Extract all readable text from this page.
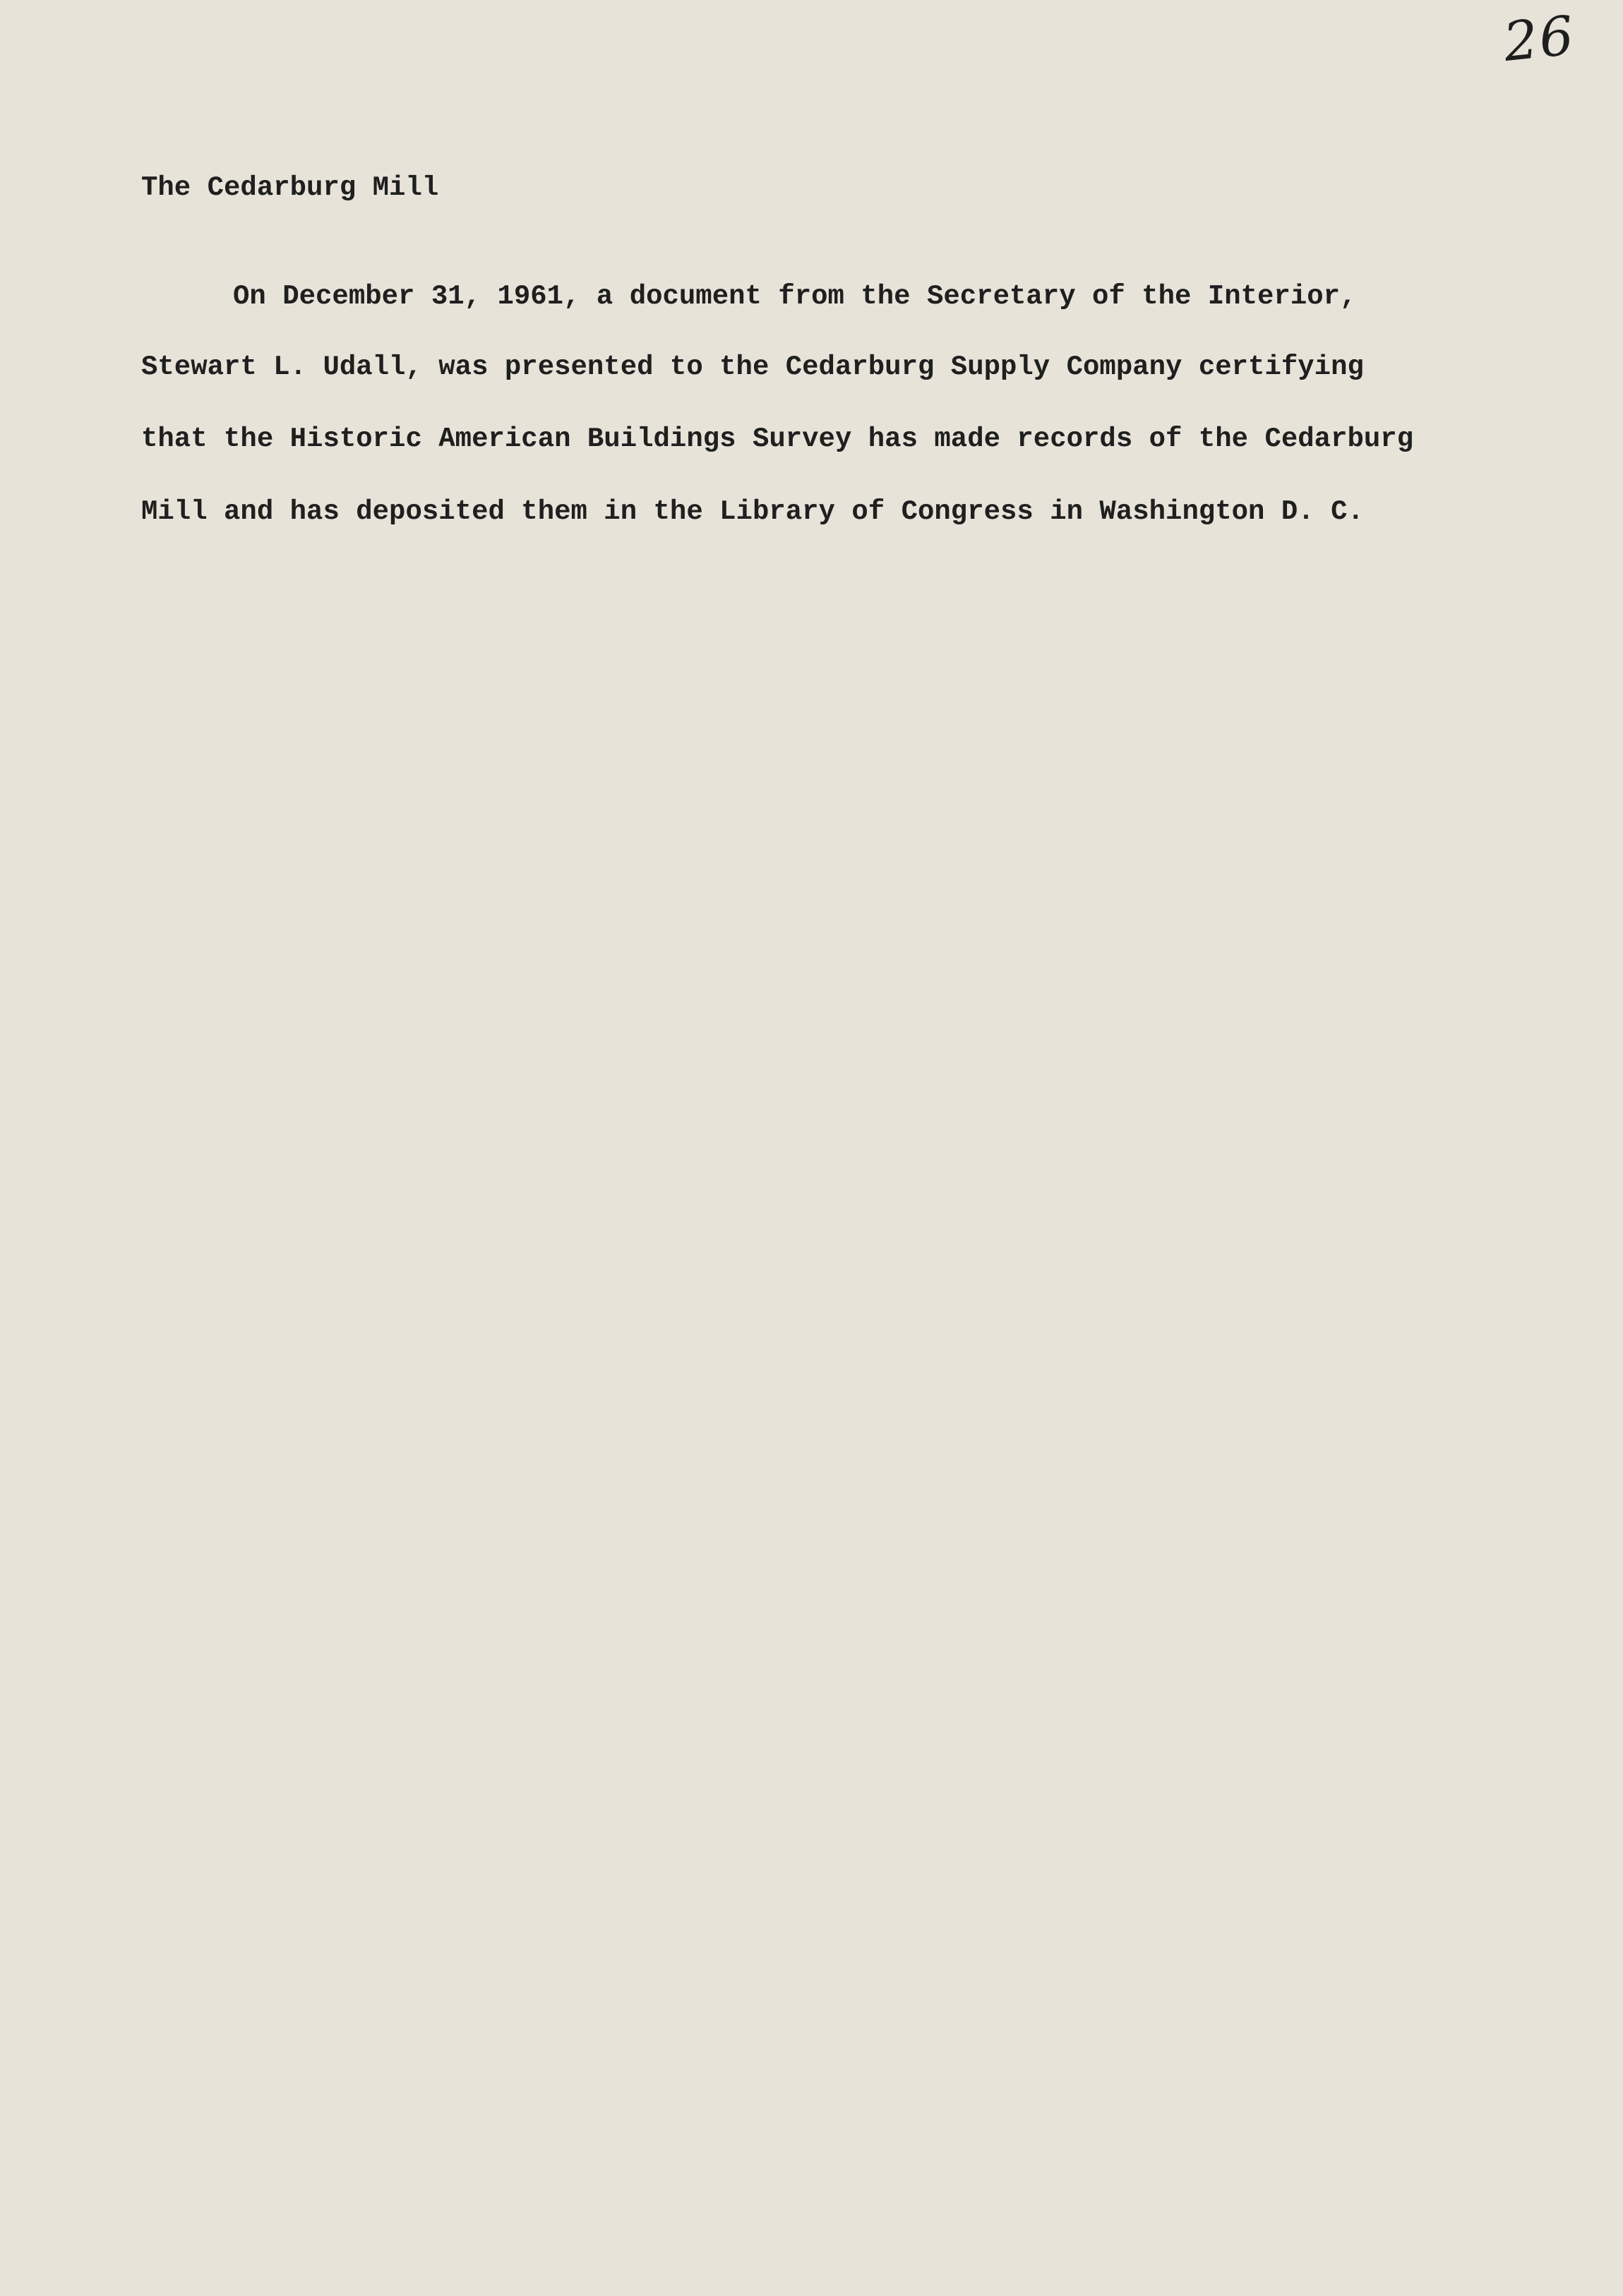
26

The Cedarburg Mill

On December 31, 1961, a document from the Secretary of the Interior,

Stewart L. Udall, was presented to the Cedarburg Supply Company certifying

that the Historic American Buildings Survey has made records of the Cedarburg

Mill and has deposited them in the Library of Congress in Washington D. C.
